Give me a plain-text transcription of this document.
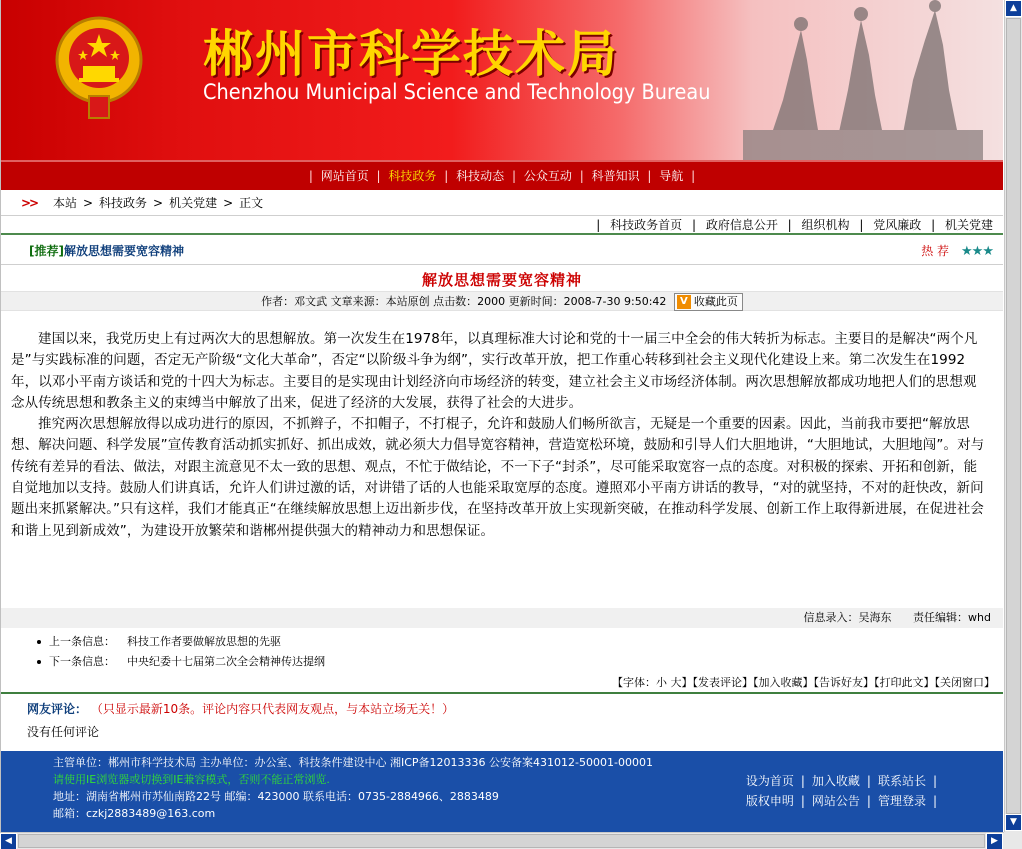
郴州市科学技术局
Chenzhou Municipal Science and Technology Bureau
| 网站首页 | 科技政务 | 科技动态 | 公众互动 | 科普知识 | 导航 |
>> 本站 > 科技政务 > 机关党建 > 正文
| 科技政务首页 | 政府信息公开 | 组织机构 | 党风廉政 | 机关党建
[推荐]解放思想需要宽容精神	热 荐 ★★★
解放思想需要宽容精神
作者：邓文武 文章来源：本站原创 点击数：2000 更新时间：2008-7-30 9:50:42 V 收藏此页

建国以来，我党历史上有过两次大的思想解放。第一次发生在1978年，以真理标准大讨论和党的十一届三中全会的伟大转折为标志。主要目的是解决“两个凡是”与实践标准的问题，否定无产阶级“文化大革命”，否定“以阶级斗争为纲”，实行改革开放，把工作重心转移到社会主义现代化建设上来。第二次发生在1992年，以邓小平南方谈话和党的十四大为标志。主要目的是实现由计划经济向市场经济的转变，建立社会主义市场经济体制。两次思想解放都成功地把人们的思想观念从传统思想和教条主义的束缚当中解放了出来，促进了经济的大发展，获得了社会的大进步。

推究两次思想解放得以成功进行的原因，不抓辫子，不扣帽子，不打棍子，允许和鼓励人们畅所欲言，无疑是一个重要的因素。因此，当前我市要把“解放思想、解决问题、科学发展”宣传教育活动抓实抓好、抓出成效，就必须大力倡导宽容精神，营造宽松环境，鼓励和引导人们大胆地讲，“大胆地试，大胆地闯”。对与传统有差异的看法、做法，对跟主流意见不太一致的思想、观点，不忙于做结论，不一下子“封杀”，尽可能采取宽容一点的态度。对积极的探索、开拓和创新，能自觉地加以支持。鼓励人们讲真话，允许人们讲过激的话，对讲错了话的人也能采取宽厚的态度。遵照邓小平南方讲话的教导，“对的就坚持，不对的赶快改，新问题出来抓紧解决。”只有这样，我们才能真正“在继续解放思想上迈出新步伐，在坚持改革开放上实现新突破，在推动科学发展、创新工作上取得新进展，在促进社会和谐上见到新成效”，为建设开放繁荣和谐郴州提供强大的精神动力和思想保证。

信息录入：吴海东 责任编辑：whd
上一条信息： 科技工作者要做解放思想的先驱
下一条信息： 中央纪委十七届第二次全会精神传达提纲
【字体：小 大】【发表评论】【加入收藏】【告诉好友】【打印此文】【关闭窗口】
网友评论： （只显示最新10条。评论内容只代表网友观点，与本站立场无关！）
没有任何评论
主管单位：郴州市科学技术局 主办单位：办公室、科技条件建设中心 湘ICP备12013336 公安备案431012-50001-00001
请使用IE浏览器或切换到IE兼容模式，否则不能正常浏览.
地址：湖南省郴州市苏仙南路22号 邮编：423000 联系电话：0735-2884966、2883489
邮箱：czkj2883489@163.com
设为首页 | 加入收藏 | 联系站长 |
版权申明 | 网站公告 | 管理登录 |
▲
▼
◀	▶
